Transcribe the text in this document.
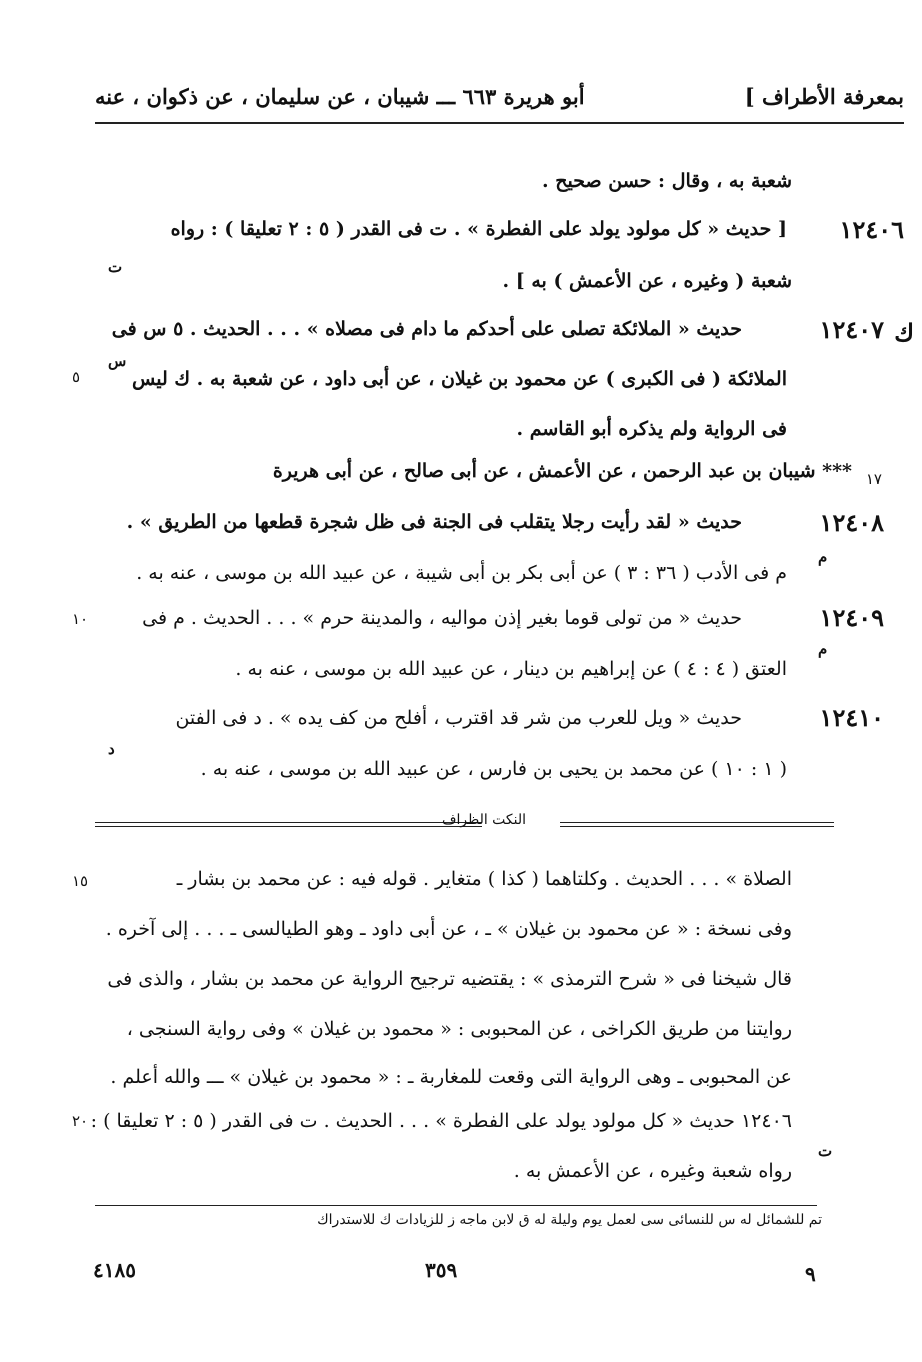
بمعرفة الأطراف ]
أبو هريرة ٦٦٣ ـــ شيبان ، عن سليمان ، عن ذكوان ، عنه
شعبة به ، وقال : حسن صحيح .
١٢٤٠٦
[ حديث « كل مولود يولد على الفطرة » . ت فى القدر ( ٥ : ٢ تعليقا ) : رواه
ت
شعبة ( وغيره ، عن الأعمش ) به ] .
ك
١٢٤٠٧
حديث « الملائكة تصلى على أحدكم ما دام فى مصلاه » . . . الحديث . ٥ س فى
س
الملائكة ( فى الكبرى ) عن محمود بن غيلان ، عن أبى داود ، عن شعبة به . ك ليس
٥
فى الرواية ولم يذكره أبو القاسم .
١٧
*** شيبان بن عبد الرحمن ، عن الأعمش ، عن أبى صالح ، عن أبى هريرة
١٢٤٠٨
حديث « لقد رأيت رجلا يتقلب فى الجنة فى ظل شجرة قطعها من الطريق » .
م
م فى الأدب ( ٣٦ : ٣ ) عن أبى بكر بن أبى شيبة ، عن عبيد الله بن موسى ، عنه به .
١٢٤٠٩
حديث « من تولى قوما بغير إذن مواليه ، والمدينة حرم » . . . الحديث . م فى
١٠
م
العتق ( ٤ : ٤ ) عن إبراهيم بن دينار ، عن عبيد الله بن موسى ، عنه به .
١٢٤١٠
حديث « ويل للعرب من شر قد اقترب ، أفلح من كف يده » . د فى الفتن
د
( ١ : ١٠ ) عن محمد بن يحيى بن فارس ، عن عبيد الله بن موسى ، عنه به .
النكت الظراف
١٥	الصلاة » . . . الحديث . وكلتاهما ( كذا ) متغاير . قوله فيه : عن محمد بن بشار ـ
وفى نسخة : « عن محمود بن غيلان » ـ ، عن أبى داود ـ وهو الطيالسى ـ . . . إلى آخره .
قال شيخنا فى « شرح الترمذى » : يقتضيه ترجيح الرواية عن محمد بن بشار ، والذى فى
روايتنا من طريق الكراخى ، عن المحبوبى : « محمود بن غيلان » وفى رواية السنجى ،
عن المحبوبى ـ وهى الرواية التى وقعت للمغاربة ـ : « محمود بن غيلان » ـــ والله أعلم .
٢٠ ١٢٤٠٦ حديث « كل مولود يولد على الفطرة » . . . الحديث . ت فى القدر ( ٥ : ٢ تعليقا ) :
ت
رواه شعبة وغيره ، عن الأعمش به .
تم للشمائل له س للنسائى سى لعمل يوم وليلة له ق لابن ماجه ز للزيادات ك للاستدراك
٩
٣٥٩
٤١٨٥
